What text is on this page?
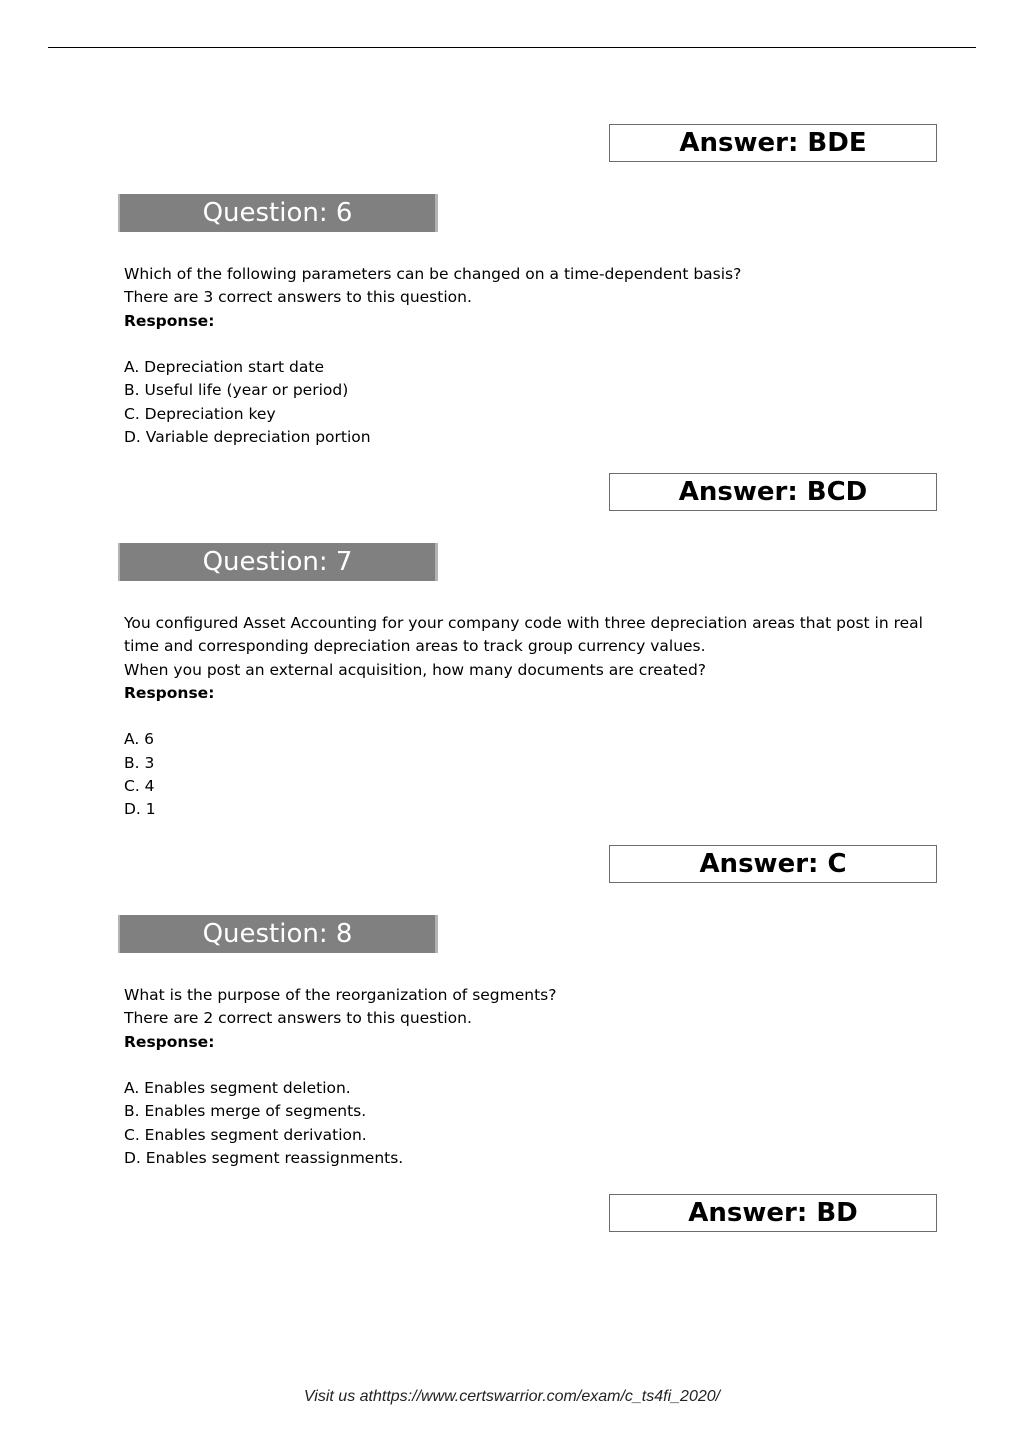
Answer: BDE
Question: 6
Which of the following parameters can be changed on a time-dependent basis?
There are 3 correct answers to this question.
Response:
A. Depreciation start date
B. Useful life (year or period)
C. Depreciation key
D. Variable depreciation portion
Answer: BCD
Question: 7
You configured Asset Accounting for your company code with three depreciation areas that post in real
time and corresponding depreciation areas to track group currency values.
When you post an external acquisition, how many documents are created?
Response:
A. 6
B. 3
C. 4
D. 1
Answer: C
Question: 8
What is the purpose of the reorganization of segments?
There are 2 correct answers to this question.
Response:
A. Enables segment deletion.
B. Enables merge of segments.
C. Enables segment derivation.
D. Enables segment reassignments.
Answer: BD
Visit us athttps://www.certswarrior.com/exam/c_ts4fi_2020/
